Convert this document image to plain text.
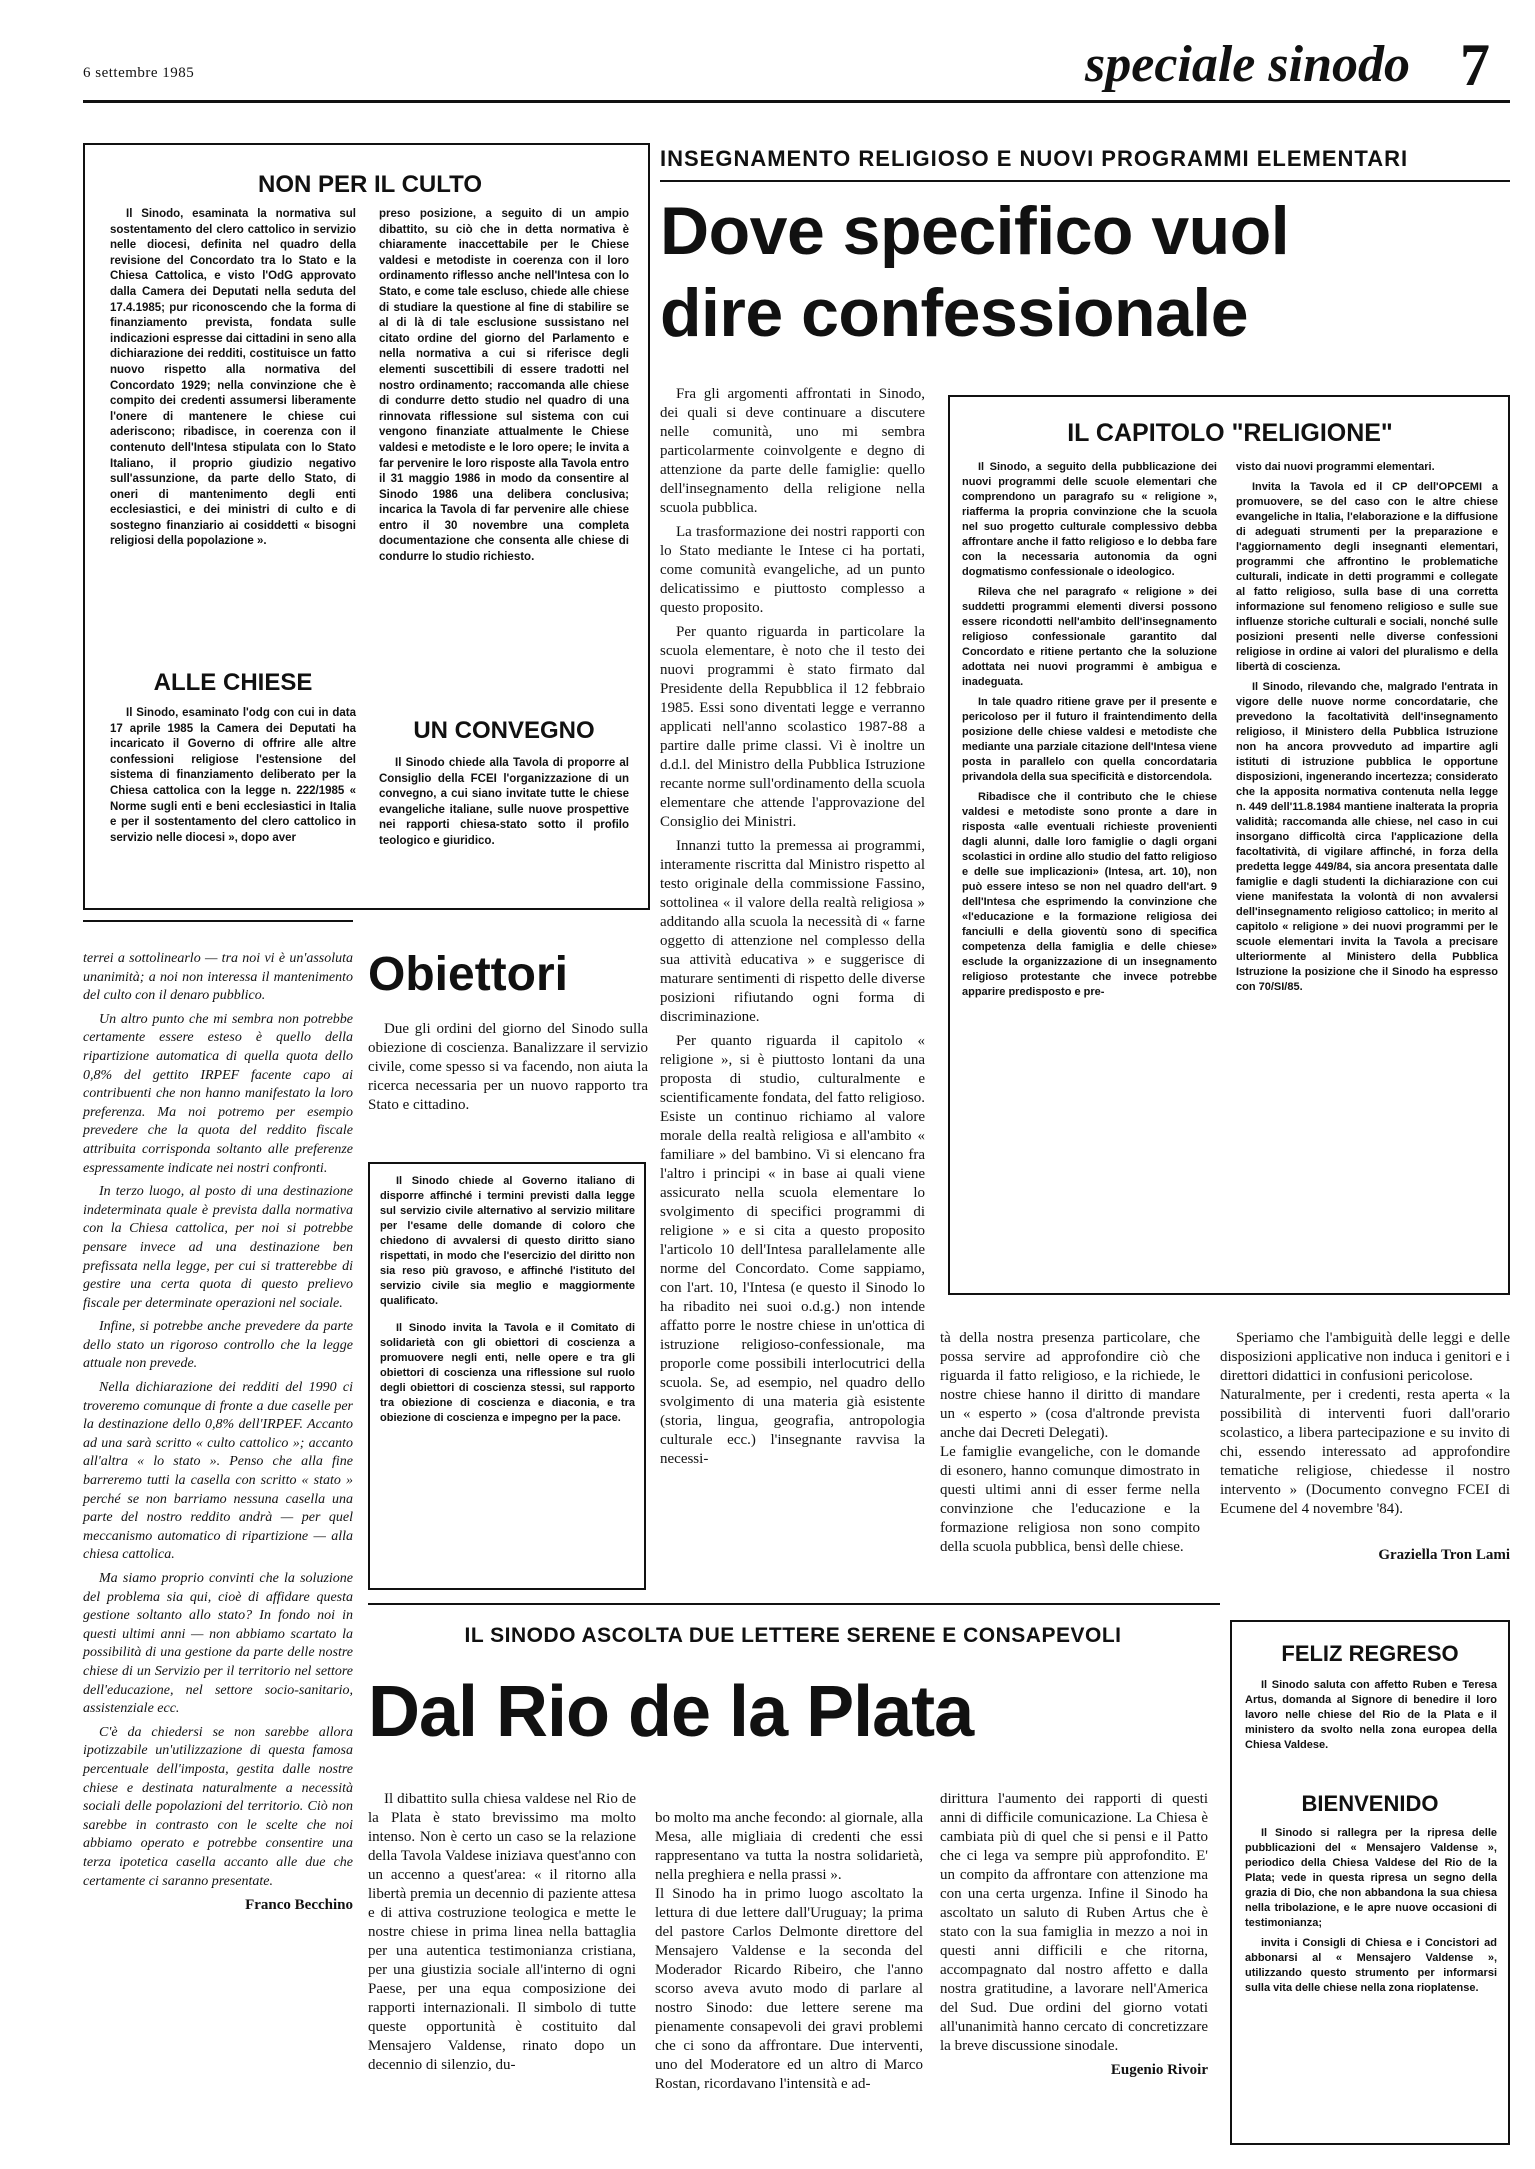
6 settembre 1985	speciale sinodo 7
NON PER IL CULTO

Il Sinodo, esaminata la normativa sul sostentamento del clero cattolico in servizio nelle diocesi, definita nel quadro della revisione del Concordato tra lo Stato e la Chiesa Cattolica, e visto l'OdG approvato dalla Camera dei Deputati nella seduta del 17.4.1985; pur riconoscendo che la forma di finanziamento prevista, fondata sulle indicazioni espresse dai cittadini in seno alla dichiarazione dei redditi, costituisce un fatto nuovo rispetto alla normativa del Concordato 1929; nella convinzione che è compito dei credenti assumersi liberamente l'onere di mantenere le chiese cui aderiscono; ribadisce, in coerenza con il contenuto dell'Intesa stipulata con lo Stato Italiano, il proprio giudizio negativo sull'assunzione, da parte dello Stato, di oneri di mantenimento degli enti ecclesiastici, e dei ministri di culto e di sostegno finanziario ai cosiddetti « bisogni religiosi della popolazione ».

preso posizione, a seguito di un ampio dibattito, su ciò che in detta normativa è chiaramente inaccettabile per le Chiese valdesi e metodiste in coerenza con il loro ordinamento riflesso anche nell'Intesa con lo Stato, e come tale escluso, chiede alle chiese di studiare la questione al fine di stabilire se al di là di tale esclusione sussistano nel citato ordine del giorno del Parlamento e nella normativa a cui si riferisce degli elementi suscettibili di essere tradotti nel nostro ordinamento; raccomanda alle chiese di condurre detto studio nel quadro di una rinnovata riflessione sul sistema con cui vengono finanziate attualmente le Chiese valdesi e metodiste e le loro opere; le invita a far pervenire le loro risposte alla Tavola entro il 31 maggio 1986 in modo da consentire al Sinodo 1986 una delibera conclusiva; incarica la Tavola di far pervenire alle chiese entro il 30 novembre una completa documentazione che consenta alle chiese di condurre lo studio richiesto.

ALLE CHIESE

Il Sinodo, esaminato l'odg con cui in data 17 aprile 1985 la Camera dei Deputati ha incaricato il Governo di offrire alle altre confessioni religiose l'estensione del sistema di finanziamento deliberato per la Chiesa cattolica con la legge n. 222/1985 « Norme sugli enti e beni ecclesiastici in Italia e per il sostentamento del clero cattolico in servizio nelle diocesi », dopo aver

UN CONVEGNO

Il Sinodo chiede alla Tavola di proporre al Consiglio della FCEI l'organizzazione di un convegno, a cui siano invitate tutte le chiese evangeliche italiane, sulle nuove prospettive nei rapporti chiesa-stato sotto il profilo teologico e giuridico.

INSEGNAMENTO RELIGIOSO E NUOVI PROGRAMMI ELEMENTARI
Dove specifico vuol dire confessionale

Fra gli argomenti affrontati in Sinodo, dei quali si deve continuare a discutere nelle comunità, uno mi sembra particolarmente coinvolgente e degno di attenzione da parte delle famiglie: quello dell'insegnamento della religione nella scuola pubblica.

La trasformazione dei nostri rapporti con lo Stato mediante le Intese ci ha portati, come comunità evangeliche, ad un punto delicatissimo e piuttosto complesso a questo proposito.

Per quanto riguarda in particolare la scuola elementare, è noto che il testo dei nuovi programmi è stato firmato dal Presidente della Repubblica il 12 febbraio 1985. Essi sono diventati legge e verranno applicati nell'anno scolastico 1987-88 a partire dalle prime classi. Vi è inoltre un d.d.l. del Ministro della Pubblica Istruzione recante norme sull'ordinamento della scuola elementare che attende l'approvazione del Consiglio dei Ministri.

Innanzi tutto la premessa ai programmi, interamente riscritta dal Ministro rispetto al testo originale della commissione Fassino, sottolinea « il valore della realtà religiosa » additando alla scuola la necessità di « farne oggetto di attenzione nel complesso della sua attività educativa » e suggerisce di maturare sentimenti di rispetto delle diverse posizioni rifiutando ogni forma di discriminazione.

Per quanto riguarda il capitolo « religione », si è piuttosto lontani da una proposta di studio, culturalmente e scientificamente fondata, del fatto religioso. Esiste un continuo richiamo al valore morale della realtà religiosa e all'ambito « familiare » del bambino. Vi si elencano fra l'altro i principi « in base ai quali viene assicurato nella scuola elementare lo svolgimento di specifici programmi di religione » e si cita a questo proposito l'articolo 10 dell'Intesa parallelamente alle norme del Concordato. Come sappiamo, con l'art. 10, l'Intesa (e questo il Sinodo lo ha ribadito nei suoi o.d.g.) non intende affatto porre le nostre chiese in un'ottica di istruzione religioso-confessionale, ma proporle come possibili interlocutrici della scuola. Se, ad esempio, nel quadro dello svolgimento di una materia già esistente (storia, lingua, geografia, antropologia culturale ecc.) l'insegnante ravvisa la necessi-

IL CAPITOLO "RELIGIONE"

Il Sinodo, a seguito della pubblicazione dei nuovi programmi delle scuole elementari che comprendono un paragrafo su « religione », riafferma la propria convinzione che la scuola nel suo progetto culturale complessivo debba affrontare anche il fatto religioso e lo debba fare con la necessaria autonomia da ogni dogmatismo confessionale o ideologico.

Rileva che nel paragrafo « religione » dei suddetti programmi elementi diversi possono essere ricondotti nell'ambito dell'insegnamento religioso confessionale garantito dal Concordato e ritiene pertanto che la soluzione adottata nei nuovi programmi è ambigua e inadeguata.

In tale quadro ritiene grave per il presente e pericoloso per il futuro il fraintendimento della posizione delle chiese valdesi e metodiste che mediante una parziale citazione dell'Intesa viene posta in parallelo con quella concordataria privandola della sua specificità e distorcendola.

Ribadisce che il contributo che le chiese valdesi e metodiste sono pronte a dare in risposta «alle eventuali richieste provenienti dagli alunni, dalle loro famiglie o dagli organi scolastici in ordine allo studio del fatto religioso e delle sue implicazioni» (Intesa, art. 10), non può essere inteso se non nel quadro dell'art. 9 dell'Intesa che esprimendo la convinzione che «l'educazione e la formazione religiosa dei fanciulli e della gioventù sono di specifica competenza della famiglia e delle chiese» esclude la organizzazione di un insegnamento religioso protestante che invece potrebbe apparire predisposto e pre-

visto dai nuovi programmi elementari.

Invita la Tavola ed il CP dell'OPCEMI a promuovere, se del caso con le altre chiese evangeliche in Italia, l'elaborazione e la diffusione di adeguati strumenti per la preparazione e l'aggiornamento degli insegnanti elementari, programmi che affrontino le problematiche culturali, indicate in detti programmi e collegate al fatto religioso, sulla base di una corretta informazione sul fenomeno religioso e sulle sue influenze storiche culturali e sociali, nonché sulle posizioni presenti nelle diverse confessioni religiose in ordine ai valori del pluralismo e della libertà di coscienza.

Il Sinodo, rilevando che, malgrado l'entrata in vigore delle nuove norme concordatarie, che prevedono la facoltatività dell'insegnamento religioso, il Ministero della Pubblica Istruzione non ha ancora provveduto ad impartire agli istituti di istruzione pubblica le opportune disposizioni, ingenerando incertezza; considerato che la apposita normativa contenuta nella legge n. 449 dell'11.8.1984 mantiene inalterata la propria validità; raccomanda alle chiese, nel caso in cui insorgano difficoltà circa l'applicazione della facoltatività, di vigilare affinché, in forza della predetta legge 449/84, sia ancora presentata dalle famiglie e dagli studenti la dichiarazione con cui viene manifestata la volontà di non avvalersi dell'insegnamento religioso cattolico; in merito al capitolo « religione » dei nuovi programmi per le scuole elementari invita la Tavola a precisare ulteriormente al Ministero della Pubblica Istruzione la posizione che il Sinodo ha espresso con 70/SI/85.

tà della nostra presenza particolare, che possa servire ad approfondire ciò che riguarda il fatto religioso, e la richiede, le nostre chiese hanno il diritto di mandare un « esperto » (cosa d'altronde prevista anche dai Decreti Delegati).
Le famiglie evangeliche, con le domande di esonero, hanno comunque dimostrato in questi ultimi anni di esser ferme nella convinzione che l'educazione e la formazione religiosa non sono compito della scuola pubblica, bensì delle chiese.

Speriamo che l'ambiguità delle leggi e delle disposizioni applicative non induca i genitori e i direttori didattici in confusioni pericolose.
Naturalmente, per i credenti, resta aperta « la possibilità di interventi fuori dall'orario scolastico, a libera partecipazione e su invito di chi, essendo interessato ad approfondire tematiche religiose, chiedesse il nostro intervento » (Documento convegno FCEI di Ecumene del 4 novembre '84).

Graziella Tron Lami

terrei a sottolinearlo — tra noi vi è un'assoluta unanimità; a noi non interessa il mantenimento del culto con il denaro pubblico.

Un altro punto che mi sembra non potrebbe certamente essere esteso è quello della ripartizione automatica di quella quota dello 0,8% del gettito IRPEF facente capo ai contribuenti che non hanno manifestato la loro preferenza. Ma noi potremo per esempio prevedere che la quota del reddito fiscale attribuita corrisponda soltanto alle preferenze espressamente indicate nei nostri confronti.

In terzo luogo, al posto di una destinazione indeterminata quale è prevista dalla normativa con la Chiesa cattolica, per noi si potrebbe pensare invece ad una destinazione ben prefissata nella legge, per cui si tratterebbe di gestire una certa quota di questo prelievo fiscale per determinate operazioni nel sociale.

Infine, si potrebbe anche prevedere da parte dello stato un rigoroso controllo che la legge attuale non prevede.

Nella dichiarazione dei redditi del 1990 ci troveremo comunque di fronte a due caselle per la destinazione dello 0,8% dell'IRPEF. Accanto ad una sarà scritto « culto cattolico »; accanto all'altra « lo stato ». Penso che alla fine barreremo tutti la casella con scritto « stato » perché se non barriamo nessuna casella una parte del nostro reddito andrà — per quel meccanismo automatico di ripartizione — alla chiesa cattolica.

Ma siamo proprio convinti che la soluzione del problema sia qui, cioè di affidare questa gestione soltanto allo stato? In fondo noi in questi ultimi anni — non abbiamo scartato la possibilità di una gestione da parte delle nostre chiese di un Servizio per il territorio nel settore dell'educazione, nel settore socio-sanitario, assistenziale ecc.

C'è da chiedersi se non sarebbe allora ipotizzabile un'utilizzazione di questa famosa percentuale dell'imposta, gestita dalle nostre chiese e destinata naturalmente a necessità sociali delle popolazioni del territorio. Ciò non sarebbe in contrasto con le scelte che noi abbiamo operato e potrebbe consentire una terza ipotetica casella accanto alle due che certamente ci saranno presentate.

Franco Becchino

Obiettori

Due gli ordini del giorno del Sinodo sulla obiezione di coscienza. Banalizzare il servizio civile, come spesso si va facendo, non aiuta la ricerca necessaria per un nuovo rapporto tra Stato e cittadino.

Il Sinodo chiede al Governo italiano di disporre affinché i termini previsti dalla legge sul servizio civile alternativo al servizio militare per l'esame delle domande di coloro che chiedono di avvalersi di questo diritto siano rispettati, in modo che l'esercizio del diritto non sia reso più gravoso, e affinché l'istituto del servizio civile sia meglio e maggiormente qualificato.

Il Sinodo invita la Tavola e il Comitato di solidarietà con gli obiettori di coscienza a promuovere negli enti, nelle opere e tra gli obiettori di coscienza una riflessione sul ruolo degli obiettori di coscienza stessi, sul rapporto tra obiezione di coscienza e diaconia, e tra obiezione di coscienza e impegno per la pace.

IL SINODO ASCOLTA DUE LETTERE SERENE E CONSAPEVOLI
Dal Rio de la Plata

Il dibattito sulla chiesa valdese nel Rio de la Plata è stato brevissimo ma molto intenso. Non è certo un caso se la relazione della Tavola Valdese iniziava quest'anno con un accenno a quest'area: « il ritorno alla libertà premia un decennio di paziente attesa e di attiva costruzione teologica e mette le nostre chiese in prima linea nella battaglia per una autentica testimonianza cristiana, per una giustizia sociale all'interno di ogni Paese, per una equa composizione dei rapporti internazionali. Il simbolo di tutte queste opportunità è costituito dal Mensajero Valdense, rinato dopo un decennio di silenzio, du-

bo molto ma anche fecondo: al giornale, alla Mesa, alle migliaia di credenti che essi rappresentano va tutta la nostra solidarietà, nella preghiera e nella prassi ».
Il Sinodo ha in primo luogo ascoltato la lettura di due lettere dall'Uruguay; la prima del pastore Carlos Delmonte direttore del Mensajero Valdense e la seconda del Moderador Ricardo Ribeiro, che l'anno scorso aveva avuto modo di parlare al nostro Sinodo: due lettere serene ma pienamente consapevoli dei gravi problemi che ci sono da affrontare. Due interventi, uno del Moderatore ed un altro di Marco Rostan, ricordavano l'intensità e ad-

dirittura l'aumento dei rapporti di questi anni di difficile comunicazione. La Chiesa è cambiata più di quel che si pensi e il Patto che ci lega va sempre più approfondito. E' un compito da affrontare con attenzione ma con una certa urgenza. Infine il Sinodo ha ascoltato un saluto di Ruben Artus che è stato con la sua famiglia in mezzo a noi in questi anni difficili e che ritorna, accompagnato dal nostro affetto e dalla nostra gratitudine, a lavorare nell'America del Sud. Due ordini del giorno votati all'unanimità hanno cercato di concretizzare la breve discussione sinodale.

Eugenio Rivoir

FELIZ REGRESO

Il Sinodo saluta con affetto Ruben e Teresa Artus, domanda al Signore di benedire il loro lavoro nelle chiese del Rio de la Plata e il ministero da svolto nella zona europea della Chiesa Valdese.

BIENVENIDO

Il Sinodo si rallegra per la ripresa delle pubblicazioni del « Mensajero Valdense », periodico della Chiesa Valdese del Rio de la Plata; vede in questa ripresa un segno della grazia di Dio, che non abbandona la sua chiesa nella tribolazione, e le apre nuove occasioni di testimonianza;

invita i Consigli di Chiesa e i Concistori ad abbonarsi al « Mensajero Valdense », utilizzando questo strumento per informarsi sulla vita delle chiese nella zona rioplatense.
